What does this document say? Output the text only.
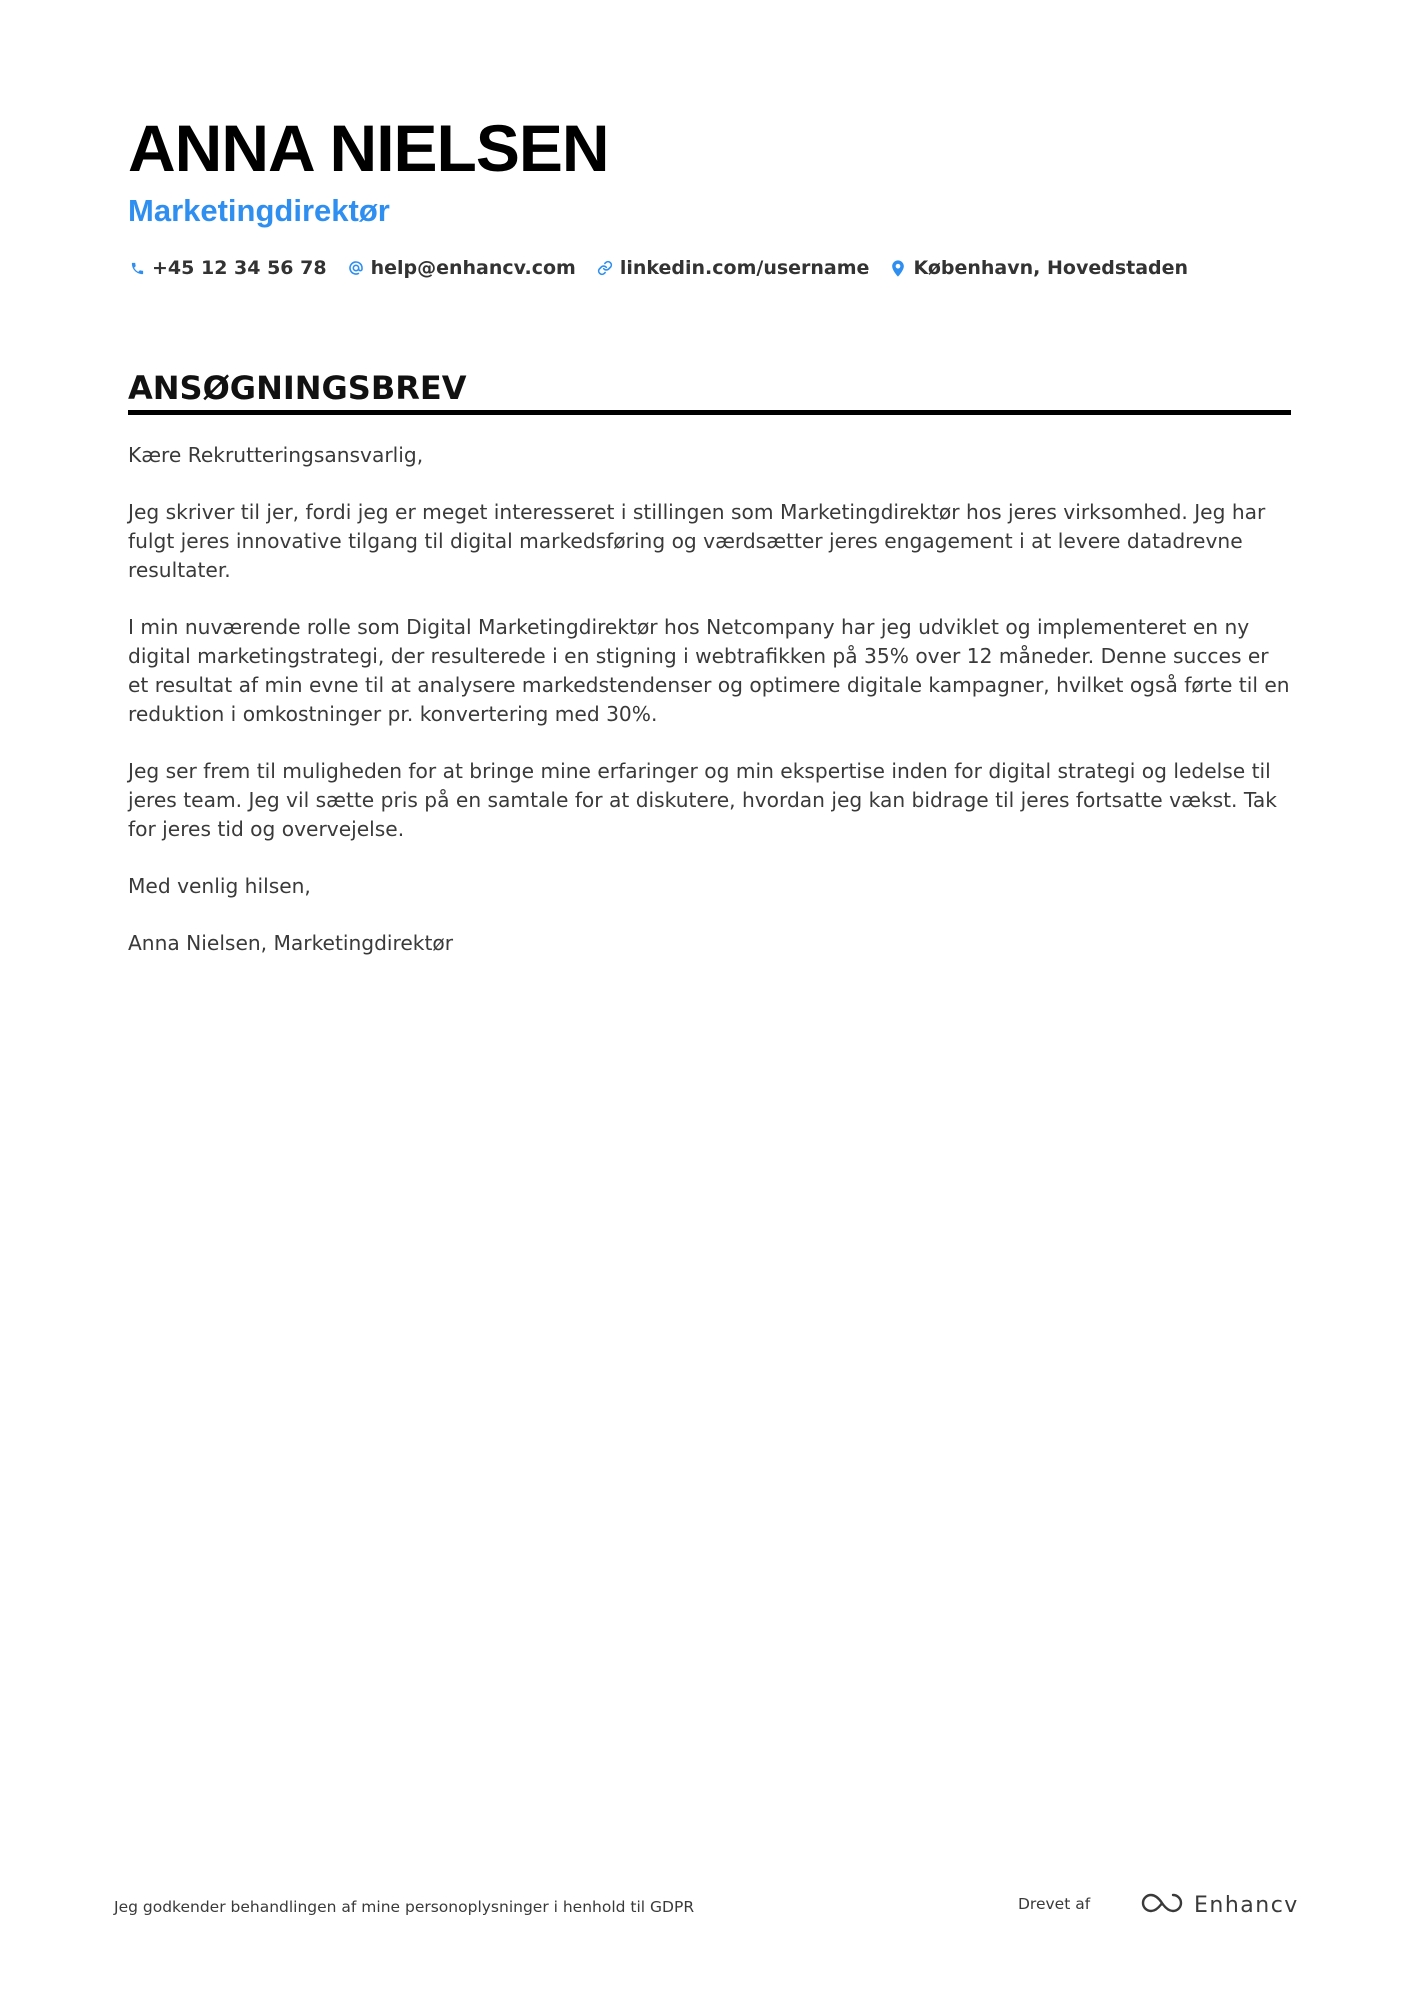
ANNA NIELSEN
Marketingdirektør
+45 12 34 56 78 help@enhancv.com linkedin.com/username København, Hovedstaden
ANSØGNINGSBREV

Kære Rekrutteringsansvarlig,

Jeg skriver til jer, fordi jeg er meget interesseret i stillingen som Marketingdirektør hos jeres virksomhed. Jeg har fulgt jeres innovative tilgang til digital markedsføring og værdsætter jeres engagement i at levere datadrevne resultater.

I min nuværende rolle som Digital Marketingdirektør hos Netcompany har jeg udviklet og implementeret en ny digital marketingstrategi, der resulterede i en stigning i webtrafikken på 35% over 12 måneder. Denne succes er et resultat af min evne til at analysere markedstendenser og optimere digitale kampagner, hvilket også førte til en reduktion i omkostninger pr. konvertering med 30%.

Jeg ser frem til muligheden for at bringe mine erfaringer og min ekspertise inden for digital strategi og ledelse til jeres team. Jeg vil sætte pris på en samtale for at diskutere, hvordan jeg kan bidrage til jeres fortsatte vækst. Tak for jeres tid og overvejelse.

Med venlig hilsen,

Anna Nielsen, Marketingdirektør

Jeg godkender behandlingen af mine personoplysninger i henhold til GDPR	Drevet af	Enhancv
